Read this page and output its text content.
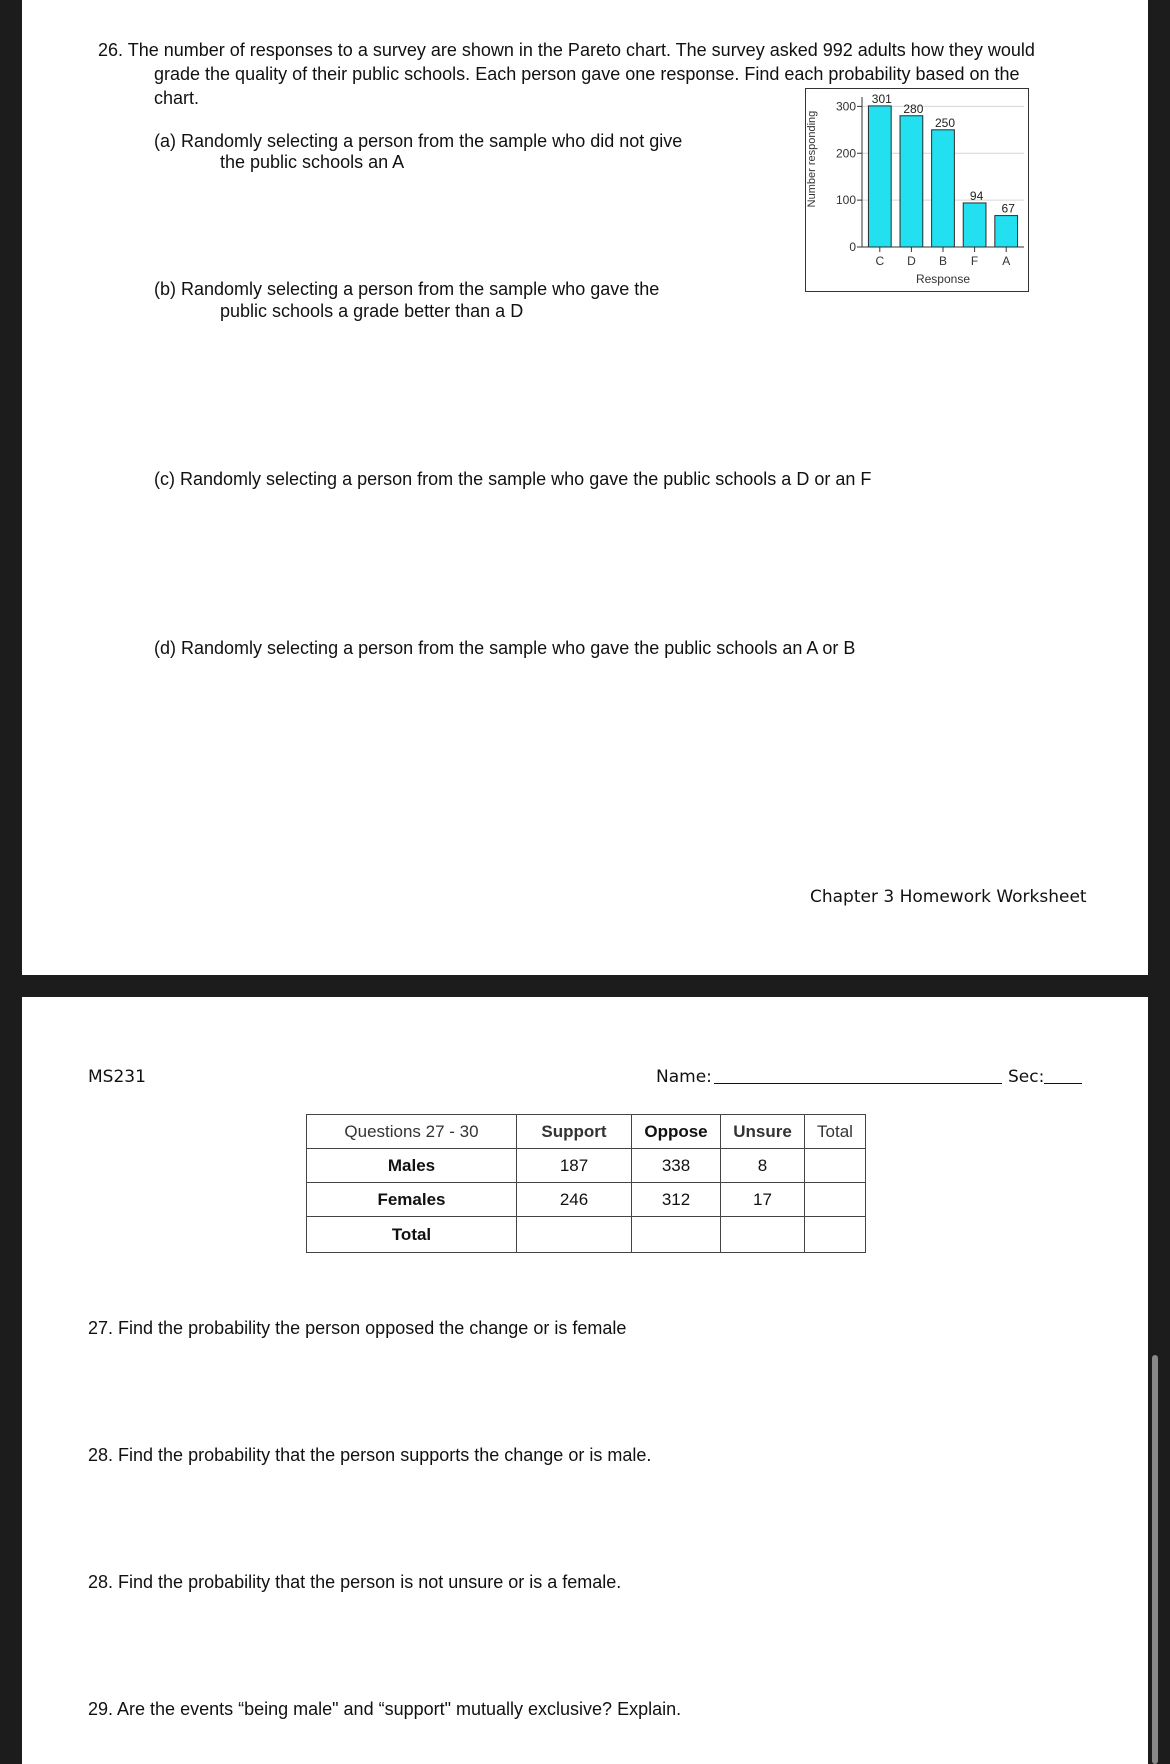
26. The number of responses to a survey are shown in the Pareto chart. The survey asked 992 adults how they would
grade the quality of their public schools. Each person gave one response. Find each probability based on the
chart.
(a) Randomly selecting a person from the sample who did not give
the public schools an A
(b) Randomly selecting a person from the sample who gave the
public schools a grade better than a D
(c) Randomly selecting a person from the sample who gave the public schools a D or an F
(d) Randomly selecting a person from the sample who gave the public schools an A or B
Number responding
Response
0
100
200
300
301
C
280
D
250
B
94
F
67
A
Chapter 3 Homework Worksheet
MS231	Name:	Sec:
Questions 27 - 30	Support	Oppose	Unsure	Total
Males	187	338	8	
Females	246	312	17	
Total				
27. Find the probability the person opposed the change or is female
28. Find the probability that the person supports the change or is male.
28. Find the probability that the person is not unsure or is a female.
29. Are the events “being male" and “support" mutually exclusive? Explain.
